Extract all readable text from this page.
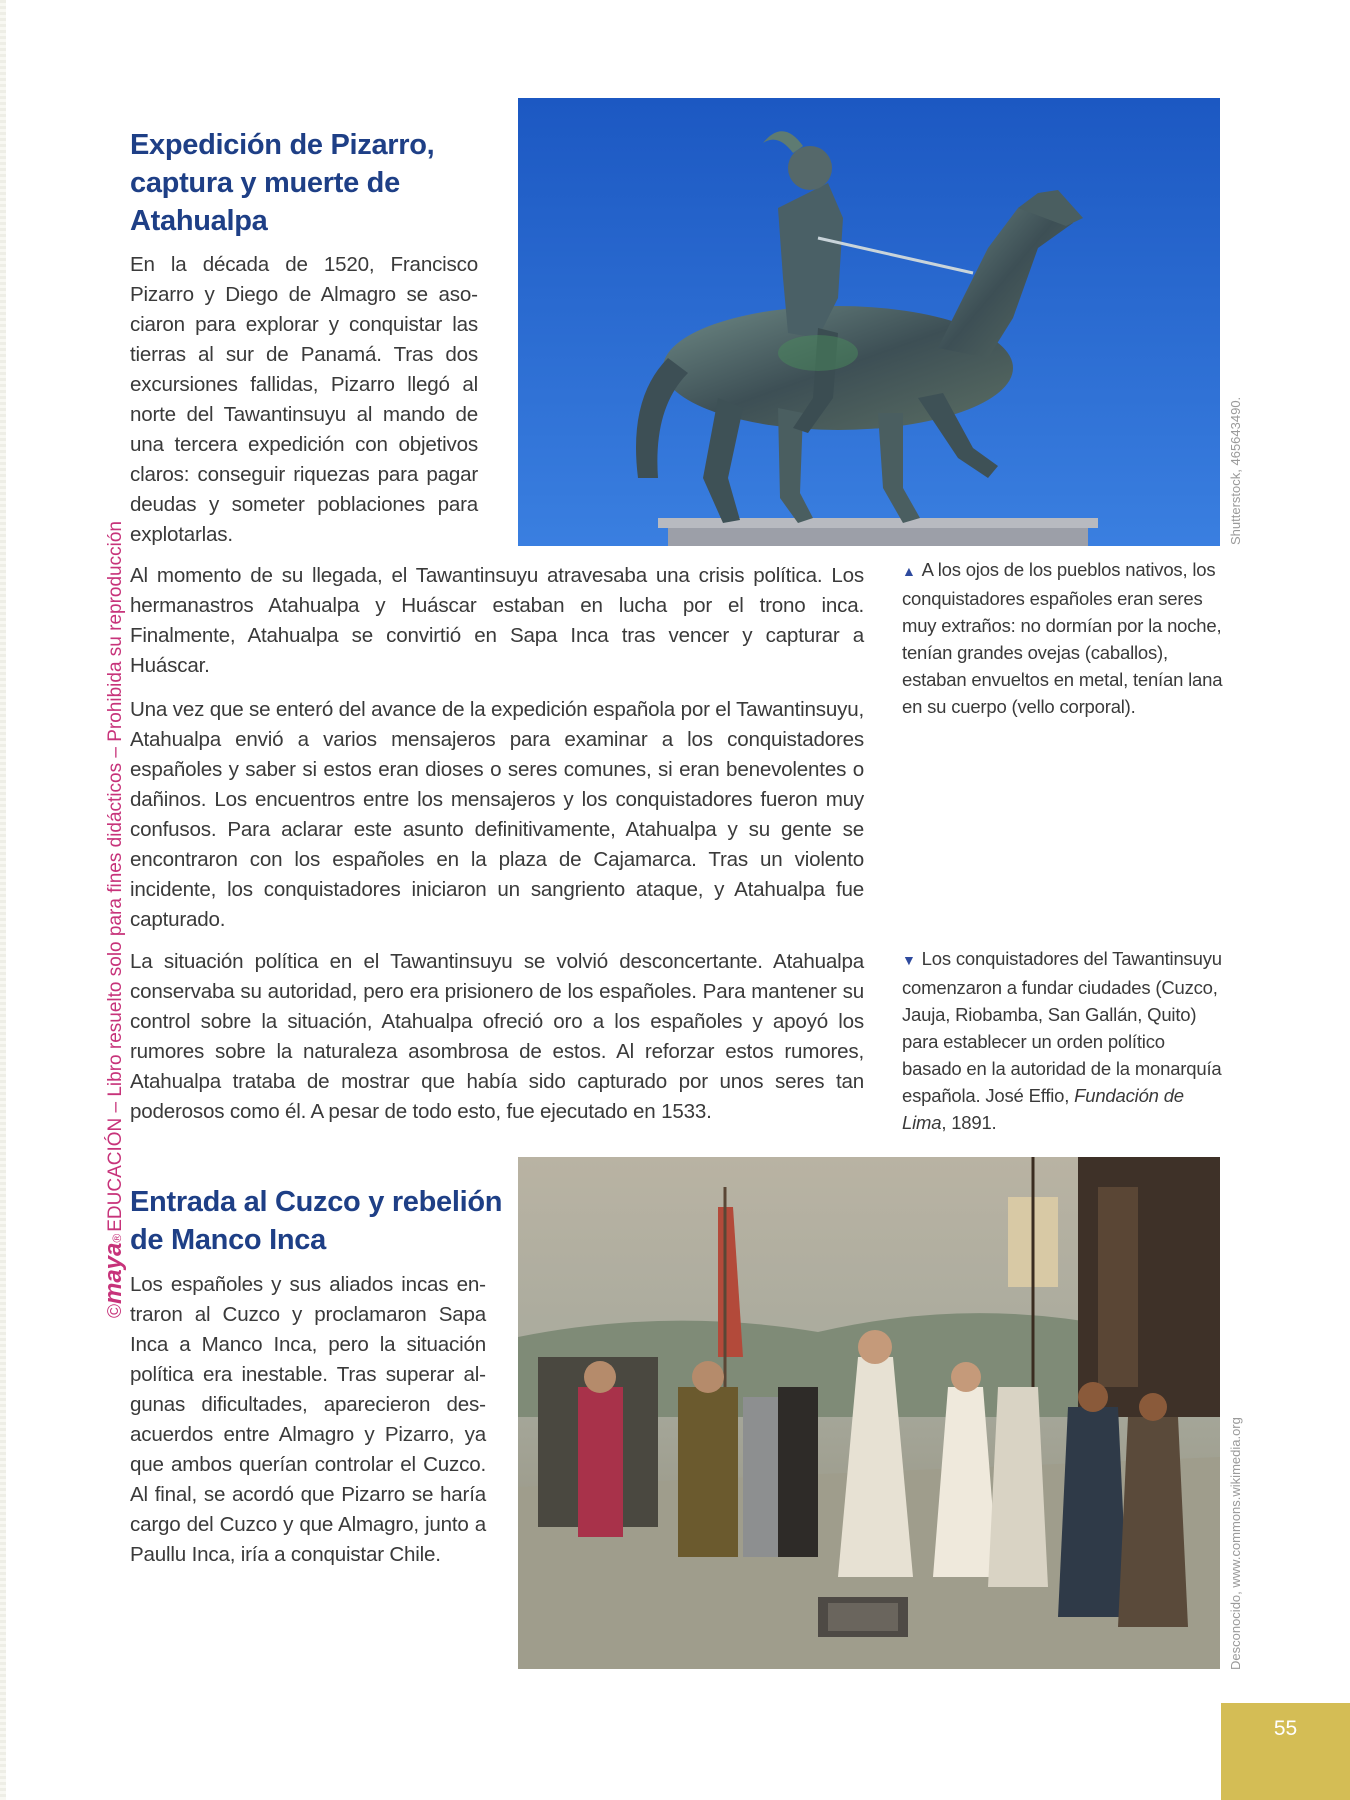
©
maya
®
EDUCACIÓN – Libro resuelto solo para fines didácticos – Prohibida su reproducción
Expedición de Pizarro, captura y muerte de Atahualpa
Shutterstock, 465643490.

En la década de 1520, Francisco Pizarro y Diego de Almagro se asociaron para explorar y conquistar las tierras al sur de Panamá. Tras dos excursiones fallidas, Pizarro llegó al norte del Tawantinsuyu al mando de una tercera expedición con objetivos claros: conseguir riquezas para pagar deudas y someter poblaciones para explotarlas.

▲ A los ojos de los pueblos nativos, los conquistadores españoles eran seres muy extraños: no dormían por la noche, tenían grandes ovejas (caballos), estaban envueltos en metal, tenían lana en su cuerpo (vello corporal).

Al momento de su llegada, el Tawantinsuyu atravesaba una crisis política. Los hermanastros Atahualpa y Huáscar estaban en lucha por el trono inca. Finalmente, Atahualpa se convirtió en Sapa Inca tras vencer y capturar a Huáscar.

Una vez que se enteró del avance de la expedición española por el Tawantinsuyu, Atahualpa envió a varios mensajeros para examinar a los conquistadores españoles y saber si estos eran dioses o seres comunes, si eran benevolentes o dañinos. Los encuentros entre los mensajeros y los conquistadores fueron muy confusos. Para aclarar este asunto definitivamente, Atahualpa y su gente se encontraron con los españoles en la plaza de Cajamarca. Tras un violento incidente, los conquistadores iniciaron un sangriento ataque, y Atahualpa fue capturado.

La situación política en el Tawantinsuyu se volvió desconcertante. Atahualpa conservaba su autoridad, pero era prisionero de los españoles. Para mantener su control sobre la situación, Atahualpa ofreció oro a los españoles y apoyó los rumores sobre la naturaleza asombrosa de estos. Al reforzar estos rumores, Atahualpa trataba de mostrar que había sido capturado por unos seres tan poderosos como él. A pesar de todo esto, fue ejecutado en 1533.

▼ Los conquistadores del Tawantinsuyu comenzaron a fundar ciudades (Cuzco, Jauja, Riobamba, San Gallán, Quito) para establecer un orden político basado en la autoridad de la monarquía española. José Effio, Fundación de Lima, 1891.

Entrada al Cuzco y rebelión de Manco Inca

Los españoles y sus aliados incas entraron al Cuzco y proclamaron Sapa Inca a Manco Inca, pero la situación política era inestable. Tras superar algunas dificultades, aparecieron desacuerdos entre Almagro y Pizarro, ya que ambos querían controlar el Cuzco. Al final, se acordó que Pizarro se haría cargo del Cuzco y que Almagro, junto a Paullu Inca, iría a conquistar Chile.	Desconocido, www.commons.wikimedia.org
55
